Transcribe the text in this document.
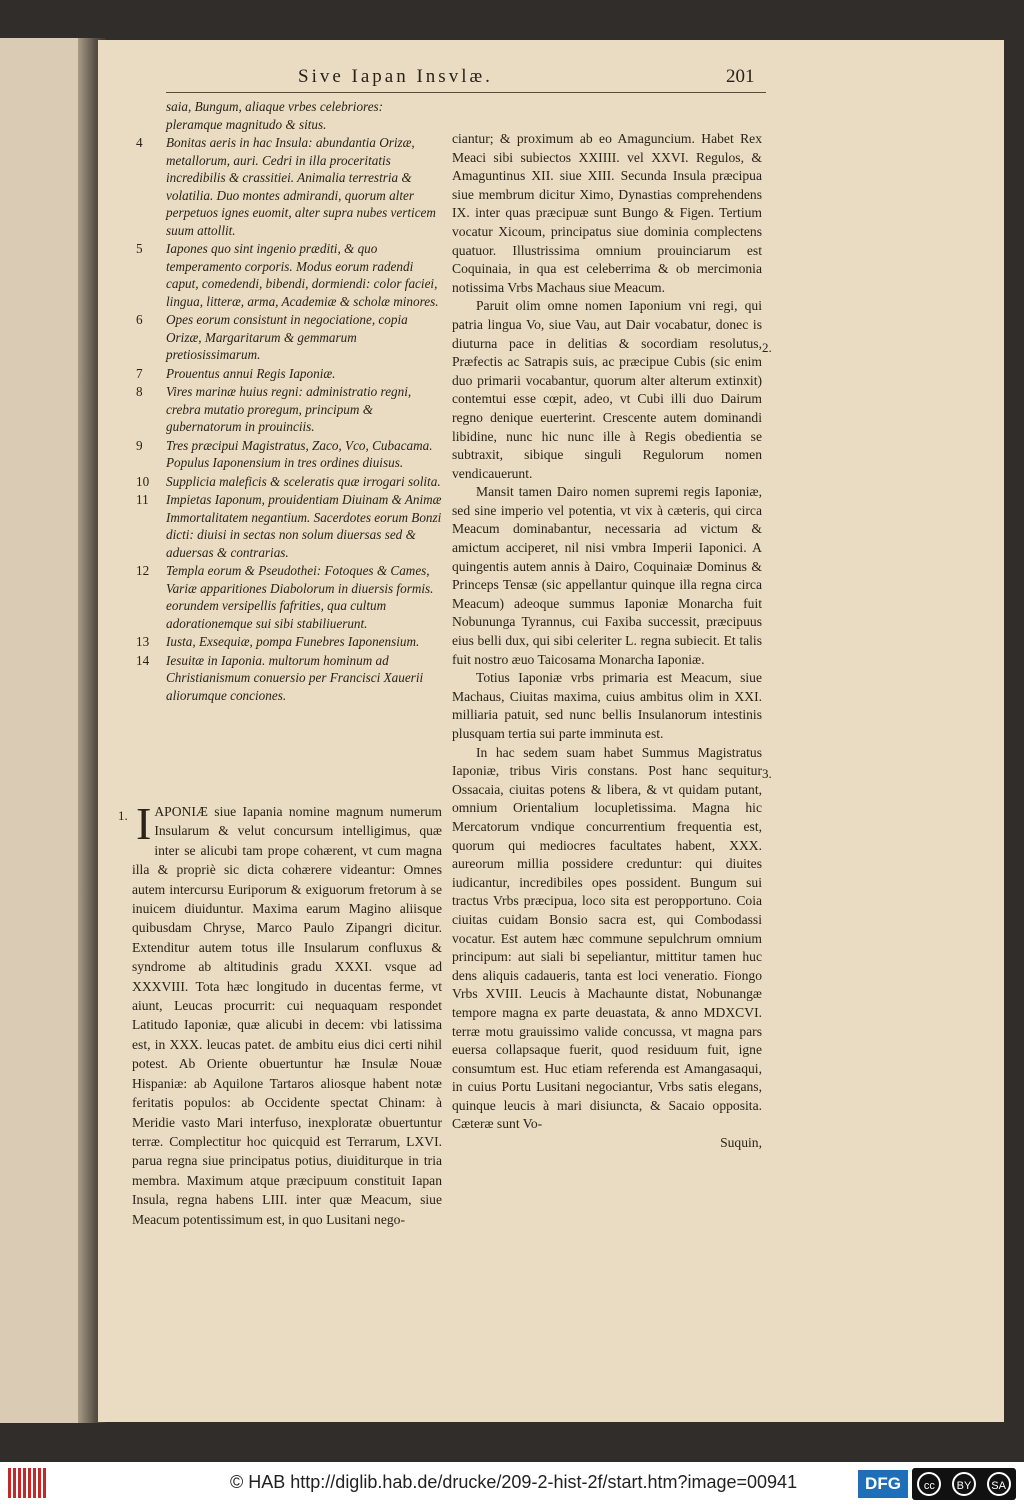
Sive Iapan Insvlæ.	201
saia, Bungum, aliaque vrbes celebriores: pleramque magnitudo & situs.
4 Bonitas aeris in hac Insula: abundantia Orizæ, metallorum, auri. Cedri in illa proceritatis incredibilis & crassitiei. Animalia terrestria & volatilia. Duo montes admirandi, quorum alter perpetuos ignes euomit, alter supra nubes verticem suum attollit.
5 Iapones quo sint ingenio præditi, & quo temperamento corporis. Modus eorum radendi caput, comedendi, bibendi, dormiendi: color faciei, lingua, litteræ, arma, Academiæ & scholæ minores.
6 Opes eorum consistunt in negociatione, copia Orizæ, Margaritarum & gemmarum pretiosissimarum.
7 Prouentus annui Regis Iaponiæ.
8 Vires marinæ huius regni: administratio regni, crebra mutatio proregum, principum & gubernatorum in prouinciis.
9 Tres præcipui Magistratus, Zaco, Vco, Cubacama. Populus Iaponensium in tres ordines diuisus.
10 Supplicia maleficis & sceleratis quæ irrogari solita.
11 Impietas Iaponum, prouidentiam Diuinam & Animæ Immortalitatem negantium. Sacerdotes eorum Bonzi dicti: diuisi in sectas non solum diuersas sed & aduersas & contrarias.
12 Templa eorum & Pseudothei: Fotoques & Cames, Variæ apparitiones Diabolorum in diuersis formis. eorundem versipellis fafrities, qua cultum adorationemque sui sibi stabiliuerunt.
13 Iusta, Exsequiæ, pompa Funebres Iaponensium.
14 Iesuitæ in Iaponia. multorum hominum ad Christianismum conuersio per Francisci Xauerii aliorumque conciones.
1. I APONIÆ siue Iapania nomine magnum numerum Insularum & velut concursum intelligimus, quæ inter se alicubi tam prope cohærent, vt cum magna illa & propriè sic dicta cohærere videantur: Omnes autem intercursu Euriporum & exiguorum fretorum à se inuicem diuiduntur. Maxima earum Magino aliisque quibusdam Chryse, Marco Paulo Zipangri dicitur. Extenditur autem totus ille Insularum confluxus & syndrome ab altitudinis gradu XXXI. vsque ad XXXVIII. Tota hæc longitudo in ducentas ferme, vt aiunt, Leucas procurrit: cui nequaquam respondet Latitudo Iaponiæ, quæ alicubi in decem: vbi latissima est, in XXX. leucas patet. de ambitu eius dici certi nihil potest. Ab Oriente obuertuntur hæ Insulæ Nouæ Hispaniæ: ab Aquilone Tartaros aliosque habent notæ feritatis populos: ab Occidente spectat Chinam: à Meridie vasto Mari interfuso, inexploratæ obuertuntur terræ. Complectitur hoc quicquid est Terrarum, LXVI. parua regna siue principatus potius, diuiditurque in tria membra. Maximum atque præcipuum constituit Iapan Insula, regna habens LIII. inter quæ Meacum, siue Meacum potentissimum est, in quo Lusitani nego-

ciantur; & proximum ab eo Amaguncium. Habet Rex Meaci sibi subiectos XXIIII. vel XXVI. Regulos, & Amaguntinus XII. siue XIII. Secunda Insula præcipua siue membrum dicitur Ximo, Dynastias comprehendens IX. inter quas præcipuæ sunt Bungo & Figen. Tertium vocatur Xicoum, principatus siue dominia complectens quatuor. Illustrissima omnium prouinciarum est Coquinaia, in qua est celeberrima & ob mercimonia notissima Vrbs Machaus siue Meacum.

Paruit olim omne nomen Iaponium vni regi, qui patria lingua Vo, siue Vau, aut Dair vocabatur, donec is diuturna pace in delitias & socordiam resolutus, Præfectis ac Satrapis suis, ac præcipue Cubis (sic enim duo primarii vocabantur, quorum alter alterum extinxit) contemtui esse cœpit, adeo, vt Cubi illi duo Dairum regno denique euerterint. Crescente autem dominandi libidine, nunc hic nunc ille à Regis obedientia se subtraxit, sibique singuli Regulorum nomen vendicauerunt.

Mansit tamen Dairo nomen supremi regis Iaponiæ, sed sine imperio vel potentia, vt vix à cæteris, qui circa Meacum dominabantur, necessaria ad victum & amictum acciperet, nil nisi vmbra Imperii Iaponici. A quingentis autem annis à Dairo, Coquinaiæ Dominus & Princeps Tensæ (sic appellantur quinque illa regna circa Meacum) adeoque summus Iaponiæ Monarcha fuit Nobununga Tyrannus, cui Faxiba successit, præcipuus eius belli dux, qui sibi celeriter L. regna subiecit. Et talis fuit nostro æuo Taicosama Monarcha Iaponiæ.

Totius Iaponiæ vrbs primaria est Meacum, siue Machaus, Ciuitas maxima, cuius ambitus olim in XXI. milliaria patuit, sed nunc bellis Insulanorum intestinis plusquam tertia sui parte imminuta est.

In hac sedem suam habet Summus Magistratus Iaponiæ, tribus Viris constans. Post hanc sequitur Ossacaia, ciuitas potens & libera, & vt quidam putant, omnium Orientalium locupletissima. Magna hic Mercatorum vndique concurrentium frequentia est, quorum qui mediocres facultates habent, XXX. aureorum millia possidere creduntur: qui diuites iudicantur, incredibiles opes possident. Bungum sui tractus Vrbs præcipua, loco sita est peropportuno. Coia ciuitas cuidam Bonsio sacra est, qui Combodassi vocatur. Est autem hæc commune sepulchrum omnium principum: aut siali bi sepeliantur, mittitur tamen huc dens aliquis cadaueris, tanta est loci veneratio. Fiongo Vrbs XVIII. Leucis à Machaunte distat, Nobunangæ tempore magna ex parte deuastata, & anno MDXCVI. terræ motu grauissimo valide concussa, vt magna pars euersa collapsaque fuerit, quod residuum fuit, igne consumtum est. Huc etiam referenda est Amangasaqui, in cuius Portu Lusitani negociantur, Vrbs satis elegans, quinque leucis à mari disiuncta, & Sacaio opposita. Cæteræ sunt Vo-

Suquin,

2.
3.
© HAB http://diglib.hab.de/drucke/209-2-hist-2f/start.htm?image=00941	DFG	cc	BY	SA
